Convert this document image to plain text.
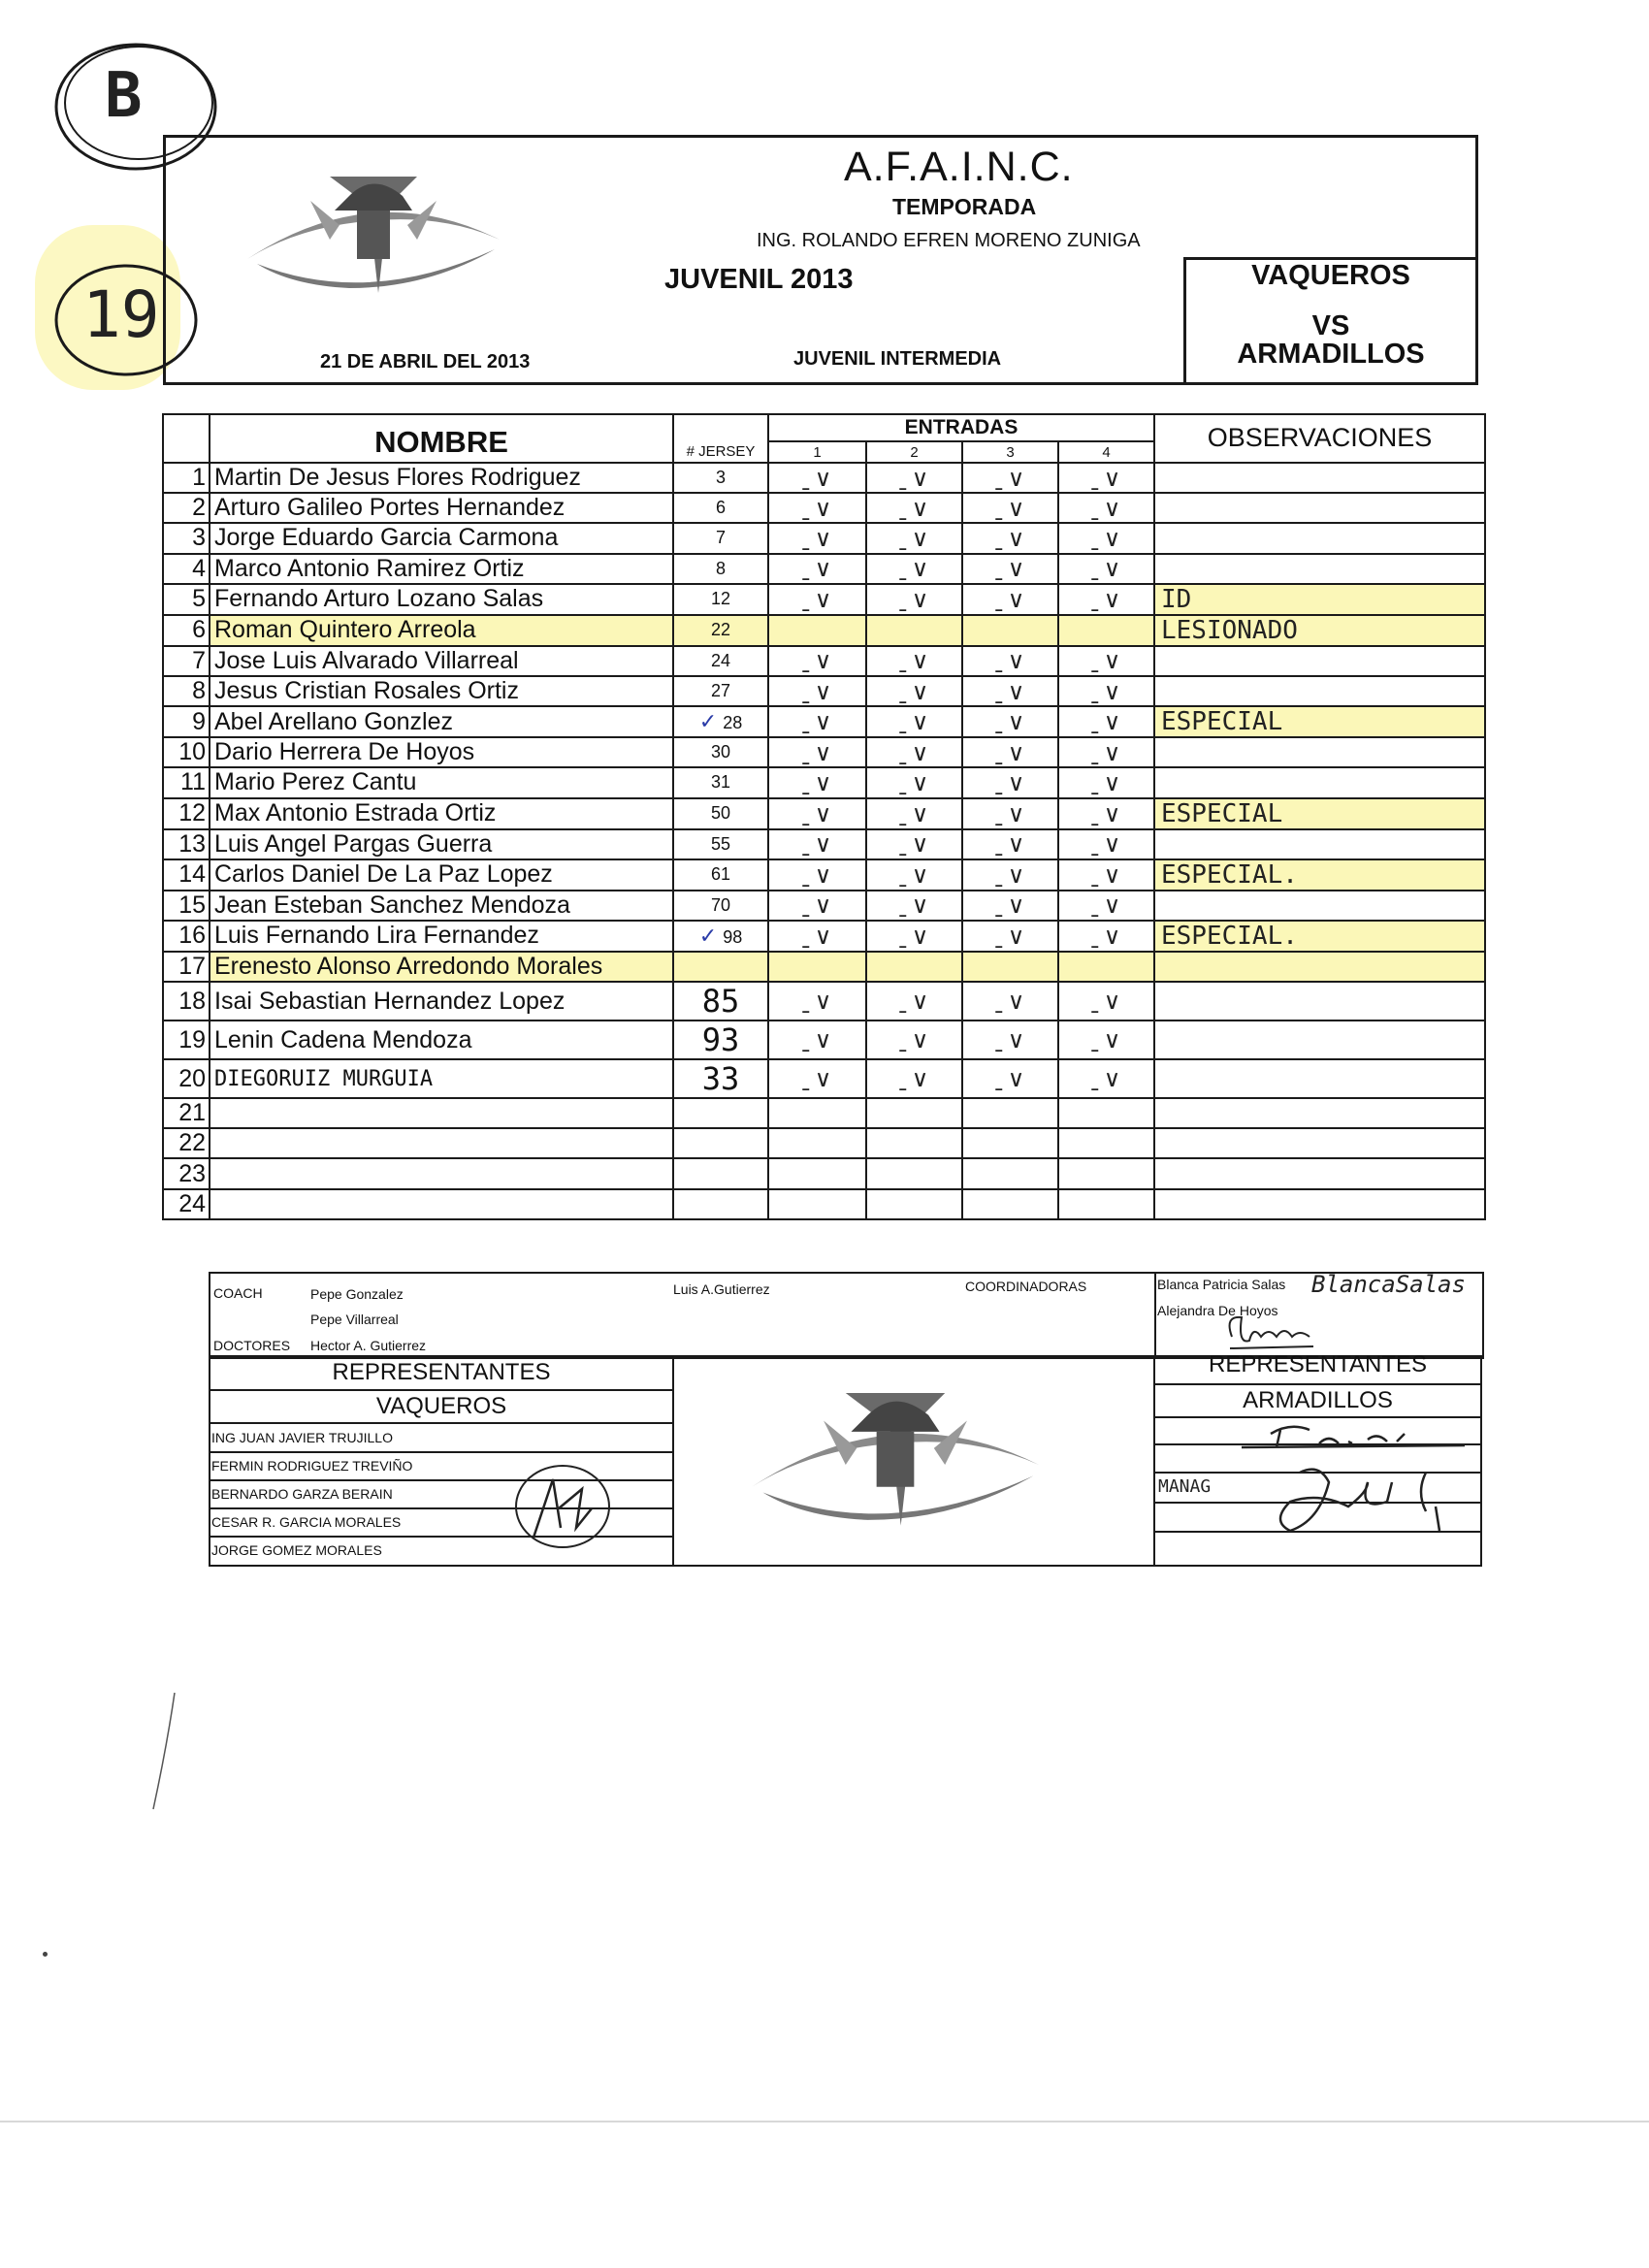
B
19
A.F.A.I.N.C.
TEMPORADA
ING. ROLANDO EFREN MORENO ZUNIGA
JUVENIL 2013
21 DE ABRIL DEL 2013	JUVENIL INTERMEDIA
VAQUEROS
VS
ARMADILLOS
	NOMBRE	# JERSEY	ENTRADAS				OBSERVACIONES
			1	2	3	4	
1	Martin De Jesus Flores Rodriguez	3	ˍ∨	ˍ∨	ˍ∨	ˍ∨	

2	Arturo Galileo Portes Hernandez	6	ˍ∨	ˍ∨	ˍ∨	ˍ∨	

3	Jorge Eduardo Garcia Carmona	7	ˍ∨	ˍ∨	ˍ∨	ˍ∨	

4	Marco Antonio Ramirez Ortiz	8	ˍ∨	ˍ∨	ˍ∨	ˍ∨	

5	Fernando Arturo Lozano Salas	12	ˍ∨	ˍ∨	ˍ∨	ˍ∨	ID
6	Roman Quintero Arreola	22					LESIONADO
7	Jose Luis Alvarado Villarreal	24	ˍ∨	ˍ∨	ˍ∨	ˍ∨	

8	Jesus Cristian Rosales Ortiz	27	ˍ∨	ˍ∨	ˍ∨	ˍ∨	

9	Abel Arellano Gonzlez	✓ 28	ˍ∨	ˍ∨	ˍ∨	ˍ∨	ESPECIAL
10	Dario Herrera De Hoyos	30	ˍ∨	ˍ∨	ˍ∨	ˍ∨	

11	Mario Perez Cantu	31	ˍ∨	ˍ∨	ˍ∨	ˍ∨	

12	Max Antonio Estrada Ortiz	50	ˍ∨	ˍ∨	ˍ∨	ˍ∨	ESPECIAL
13	Luis Angel Pargas Guerra	55	ˍ∨	ˍ∨	ˍ∨	ˍ∨	

14	Carlos Daniel De La Paz Lopez	61	ˍ∨	ˍ∨	ˍ∨	ˍ∨	ESPECIAL.
15	Jean Esteban Sanchez Mendoza	70	ˍ∨	ˍ∨	ˍ∨	ˍ∨	

16	Luis Fernando Lira Fernandez	✓ 98	ˍ∨	ˍ∨	ˍ∨	ˍ∨	ESPECIAL.
17	Erenesto Alonso Arredondo Morales		

18	Isai Sebastian Hernandez Lopez	85	ˍ∨	ˍ∨	ˍ∨	ˍ∨	

19	Lenin Cadena Mendoza	93	ˍ∨	ˍ∨	ˍ∨	ˍ∨	

20	DIEGORUIZ MURGUIA	33	ˍ∨	ˍ∨	ˍ∨	ˍ∨	

21			

22			

23			

24			

COACH	Pepe Gonzalez
Pepe Villarreal
DOCTORES Hector A. Gutierrez

Luis A.Gutierrez
		COORDINADORAS	Blanca Patricia Salas
Alejandra De Hoyos
BlancaSalas
REPRESENTANTES
VAQUEROS
ING JUAN JAVIER TRUJILLO
FERMIN RODRIGUEZ TREVIÑO
BERNARDO GARZA BERAIN
CESAR R. GARCIA MORALES
JORGE GOMEZ MORALES
REPRESENTANTES
ARMADILLOS
MANAG
